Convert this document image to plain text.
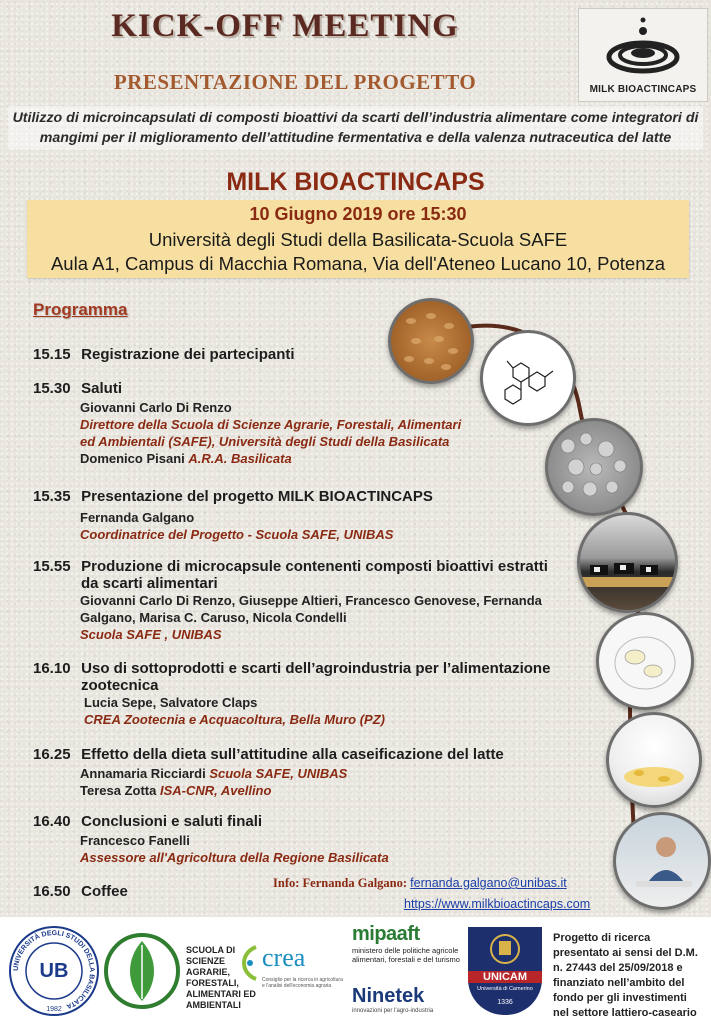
KICK-OFF MEETING
PRESENTAZIONE DEL PROGETTO	MILK BIOACTINCAPS
Utilizzo di microincapsulati di composti bioattivi da scarti dell’industria alimentare come integratori di
mangimi per il miglioramento dell’attitudine fermentativa e della valenza nutraceutica del latte
MILK BIOACTINCAPS
10 Giugno 2019 ore 15:30
Università degli Studi della Basilicata-Scuola SAFE
Aula A1, Campus di Macchia Romana, Via dell'Ateneo Lucano 10, Potenza
Programma
15.15 Registrazione dei partecipanti
15.30 Saluti
Giovanni Carlo Di Renzo
Direttore della Scuola di Scienze Agrarie, Forestali, Alimentari
ed Ambientali (SAFE), Università degli Studi della Basilicata
Domenico Pisani A.R.A. Basilicata
15.35 Presentazione del progetto MILK BIOACTINCAPS
Fernanda Galgano
Coordinatrice del Progetto - Scuola SAFE, UNIBAS
15.55 Produzione di microcapsule contenenti composti bioattivi estratti
da scarti alimentari
Giovanni Carlo Di Renzo, Giuseppe Altieri, Francesco Genovese, Fernanda
Galgano, Marisa C. Caruso, Nicola Condelli
Scuola SAFE , UNIBAS
16.10 Uso di sottoprodotti e scarti dell’agroindustria per l’alimentazione
zootecnica
Lucia Sepe, Salvatore Claps
CREA Zootecnia e Acquacoltura, Bella Muro (PZ)
16.25 Effetto della dieta sull’attitudine alla caseificazione del latte
Annamaria Ricciardi Scuola SAFE, UNIBAS
Teresa Zotta ISA-CNR, Avellino
16.40 Conclusioni e saluti finali
Francesco Fanelli
Assessore all'Agricoltura della Regione Basilicata
16.50 Coffee	Info: Fernanda Galgano: fernanda.galgano@unibas.it
https://www.milkbioactincaps.com
UNIVERSITÀ DEGLI STUDI DELLA BASILICATA
UB
1982
SCUOLA DI SCIENZE AGRARIE, FORESTALI, ALIMENTARI ED AMBIENTALI
crea
Consiglio per la ricerca in agricoltura e l'analisi dell'economia agraria
mipaaft
ministero delle politiche agricole alimentari, forestali e del turismo
Ninetek
innovazioni per l'agro-industria
UNICAM
Università di Camerino
1336
Progetto di ricerca presentato ai sensi del D.M. n. 27443 del 25/09/2018 e finanziato nell’ambito del fondo per gli investimenti nel settore lattiero-caseario
